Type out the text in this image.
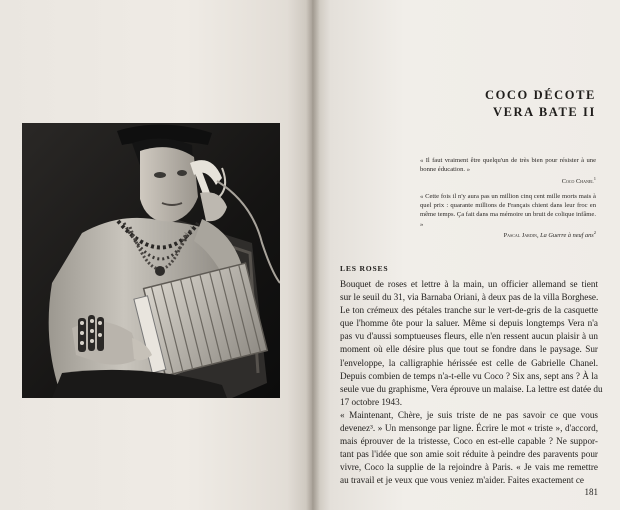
COCO DÉCOTE
VERA BATE II
« Il faut vraiment être quelqu'un de très bien pour résister à une bonne éducation. »
Coco Chanel$^1$
« Cette fois il n'y aura pas un million cinq cent mille morts mais à quel prix : quarante millions de Français chient dans leur froc en même temps. Ça fait dans ma mémoire un bruit de colique infâme. »
Pascal Jardin, La Guerre à neuf ans$^2$
LES ROSES
Bouquet de roses et lettre à la main, un officier allemand se tient
sur le seuil du 31, via Barnaba Oriani, à deux pas de la villa Borghese.
Le ton crémeux des pétales tranche sur le vert-de-gris de la casquette
que l'homme ôte pour la saluer. Même si depuis longtemps Vera n'a
pas vu d'aussi somptueuses fleurs, elle n'en ressent aucun plaisir à un
moment où elle désire plus que tout se fondre dans le paysage. Sur
l'enveloppe, la calligraphie hérissée est celle de Gabrielle Chanel.
Depuis combien de temps n'a-t-elle vu Coco ? Six ans, sept ans ? À la
seule vue du graphisme, Vera éprouve un malaise. La lettre est datée du
17 octobre 1943.
« Maintenant, Chère, je suis triste de ne pas savoir ce que vous
devenez³. » Un mensonge par ligne. Écrire le mot « triste », d'accord,
mais éprouver de la tristesse, Coco en est-elle capable ? Ne suppor-
tant pas l'idée que son amie soit réduite à peindre des paravents pour
vivre, Coco la supplie de la rejoindre à Paris. « Je vais me remettre
au travail et je veux que vous veniez m'aider. Faites exactement ce
181
